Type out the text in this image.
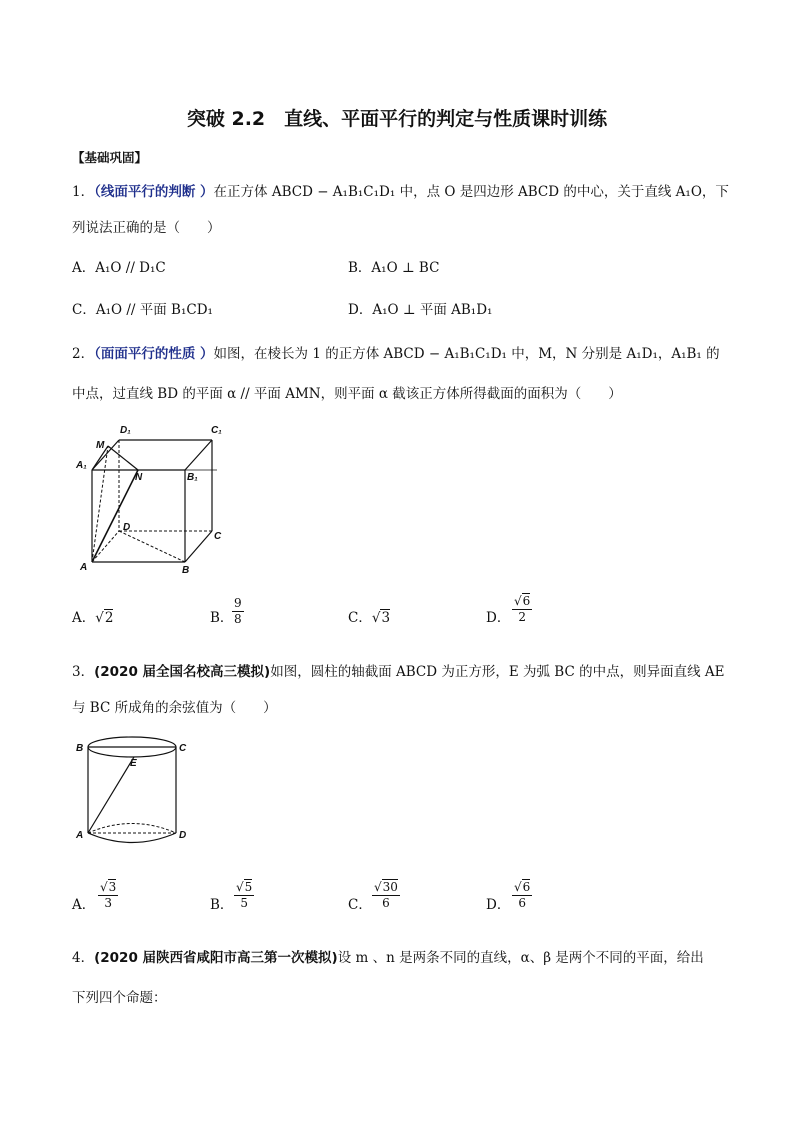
突破 2.2　直线、平面平行的判定与性质课时训练
【基础巩固】
1．（线面平行的判断 ）在正方体 ABCD − A₁B₁C₁D₁ 中，点 O 是四边形 ABCD 的中心，关于直线 A₁O，下
列说法正确的是（　　）
A．A₁O // D₁C	B．A₁O ⊥ BC
C．A₁O // 平面 B₁CD₁	D．A₁O ⊥ 平面 AB₁D₁
2．（面面平行的性质 ）如图，在棱长为 1 的正方体 ABCD − A₁B₁C₁D₁ 中，M，N 分别是 A₁D₁，A₁B₁ 的
中点，过直线 BD 的平面 α // 平面 AMN，则平面 α 截该正方体所得截面的面积为（　　）
M
D₁	C₁
A₁
N	B₁
D
C
A	B
A．√2	B．
$\frac{9}{8}$	C．√3	D． $\frac{√6}{2}$
3．(2020 届全国名校高三模拟)如图，圆柱的轴截面 ABCD 为正方形，E 为弧 BC 的中点，则异面直线 AE
与 BC 所成角的余弦值为（　　）
B	C
E
A	D
A． $\frac{√3}{3}$	B． $\frac{√5}{5}$	C． $\frac{√30}{6}$	D． $\frac{√6}{6}$
4．(2020 届陕西省咸阳市高三第一次模拟)设 m 、n 是两条不同的直线，α、β 是两个不同的平面，给出
下列四个命题：
